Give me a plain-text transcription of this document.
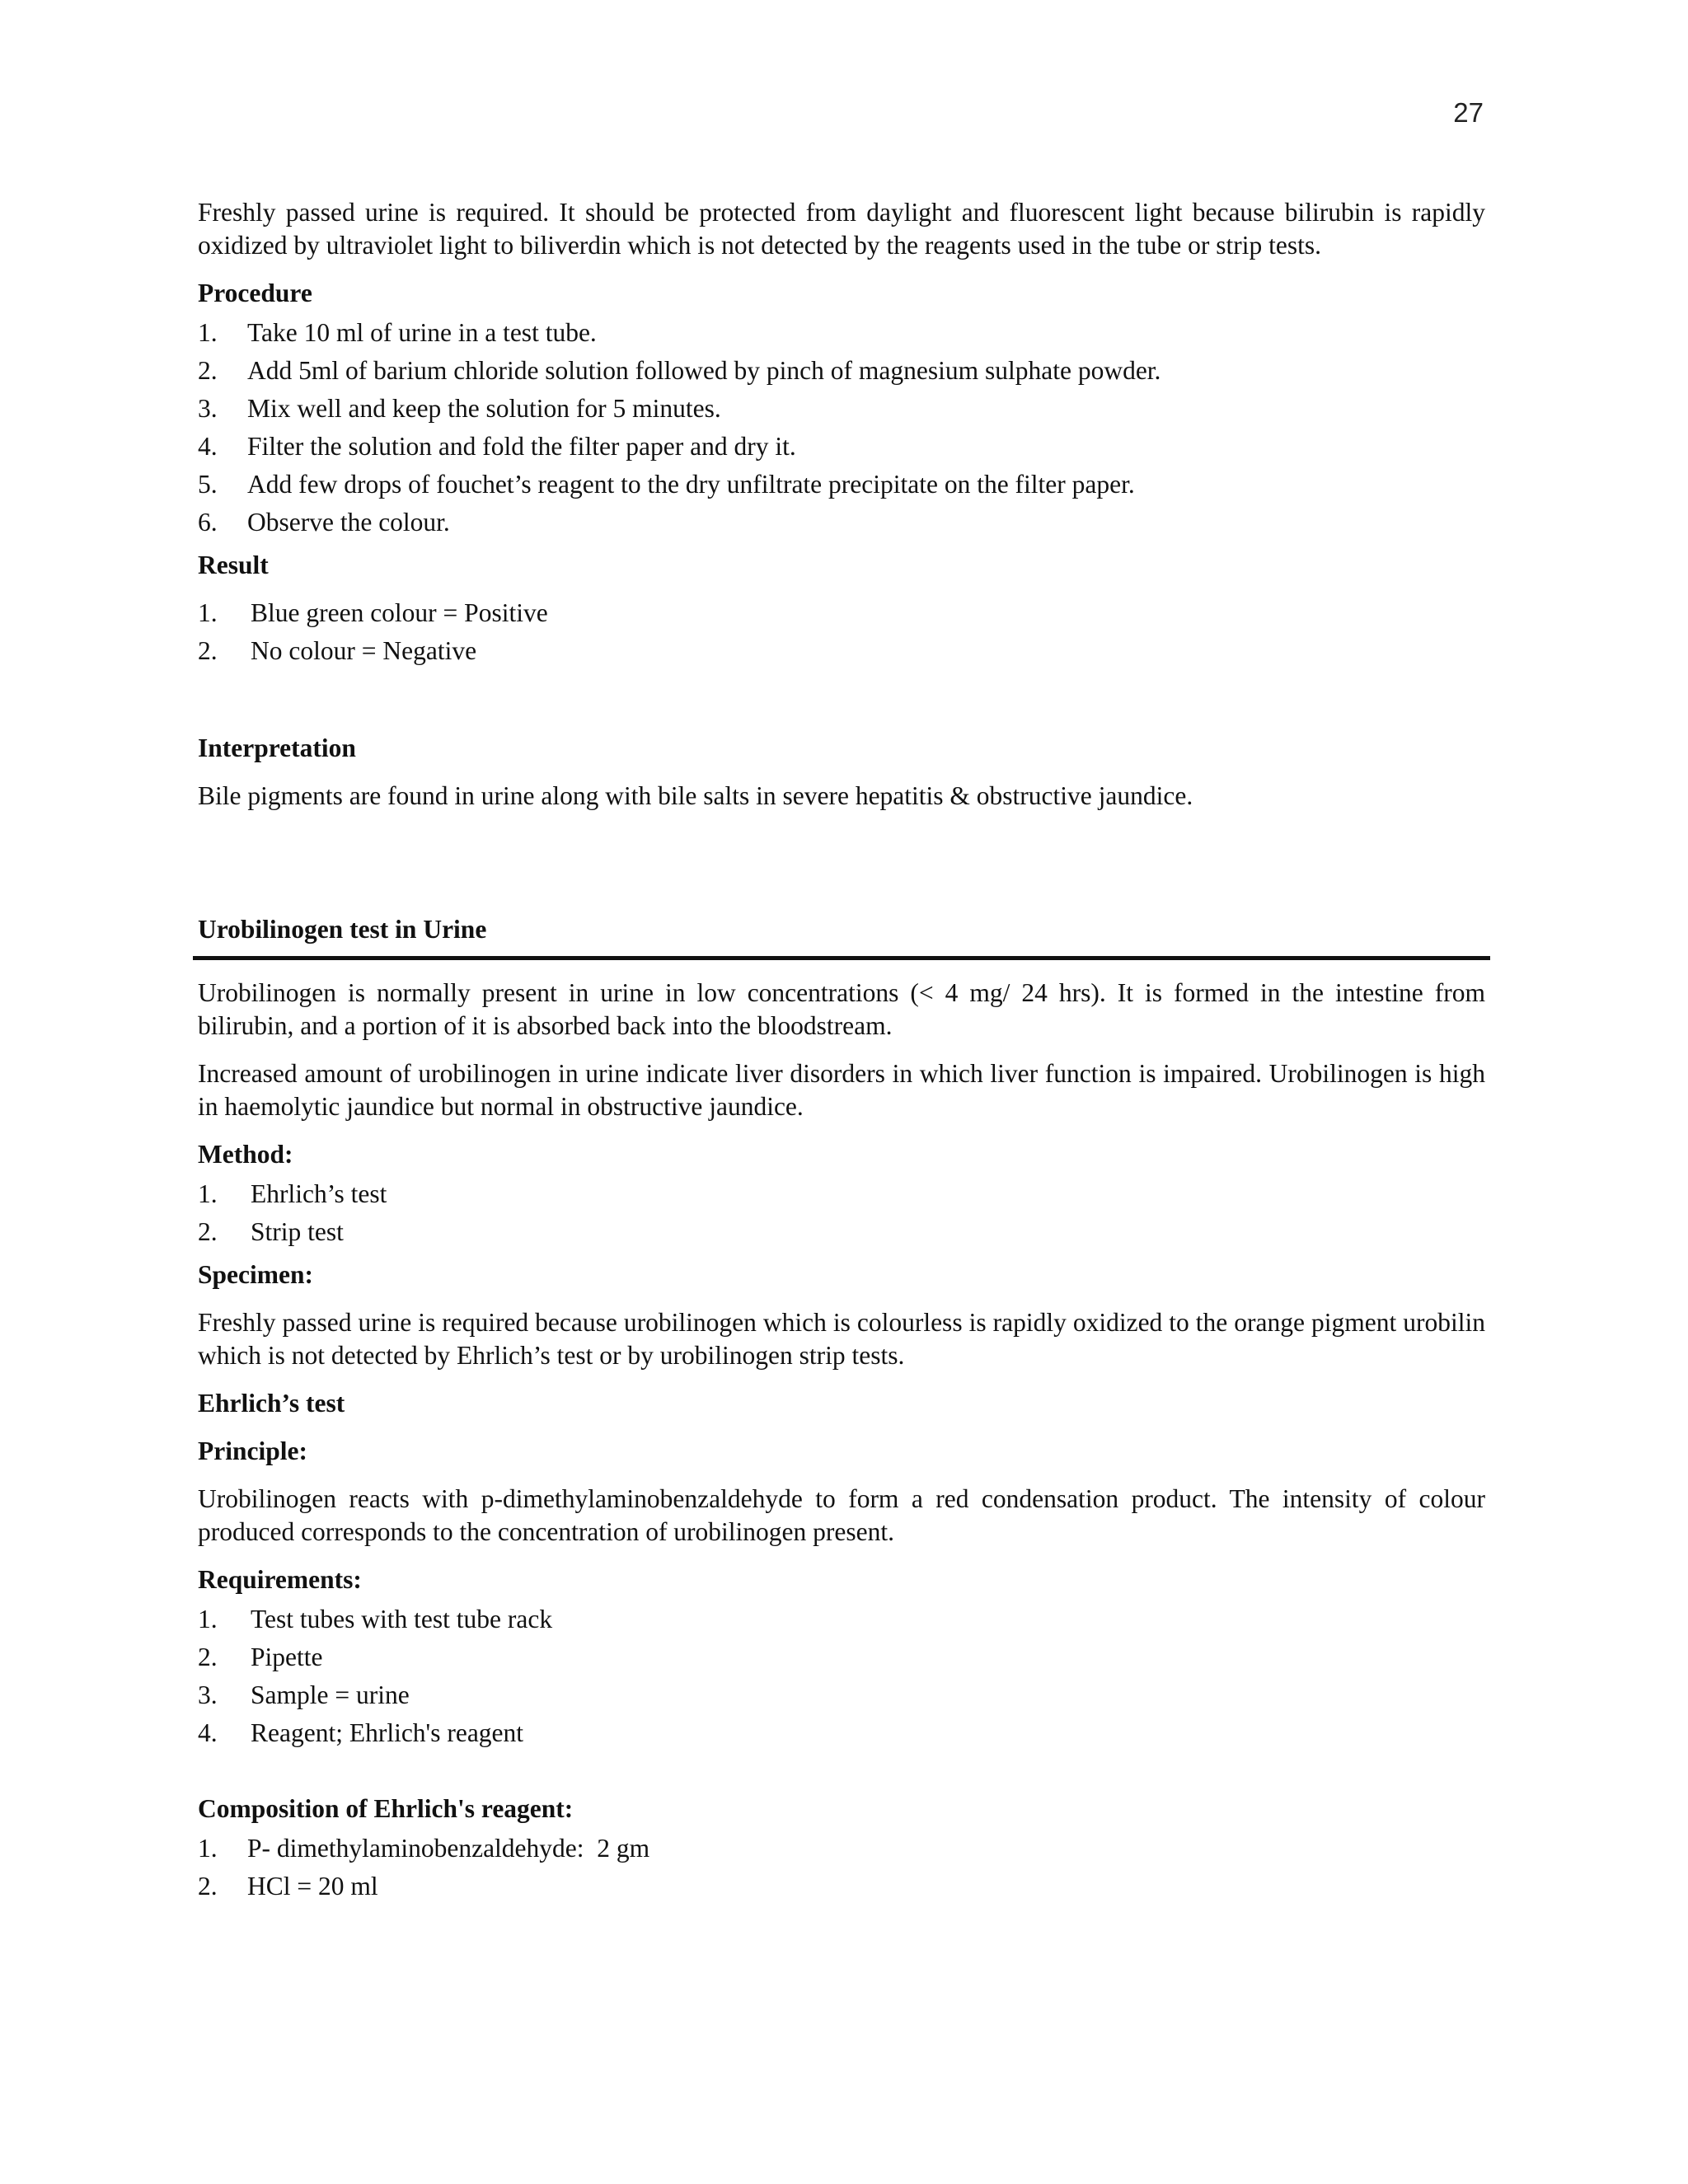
27

Freshly passed urine is required. It should be protected from daylight and fluorescent light because bilirubin is rapidly oxidized by ultraviolet light to biliverdin which is not detected by the reagents used in the tube or strip tests.

Procedure
1.	Take 10 ml of urine in a test tube.
2.	Add 5ml of barium chloride solution followed by pinch of magnesium sulphate powder.
3.	Mix well and keep the solution for 5 minutes.
4.	Filter the solution and fold the filter paper and dry it.
5.	Add few drops of fouchet’s reagent to the dry unfiltrate precipitate on the filter paper.
6.	Observe the colour.
Result
1.	Blue green colour = Positive
2.	No colour = Negative
Interpretation

Bile pigments are found in urine along with bile salts in severe hepatitis & obstructive jaundice.

Urobilinogen test in Urine

Urobilinogen is normally present in urine in low concentrations (< 4 mg/ 24 hrs). It is formed in the intestine from bilirubin, and a portion of it is absorbed back into the bloodstream.

Increased amount of urobilinogen in urine indicate liver disorders in which liver function is impaired. Urobilinogen is high in haemolytic jaundice but normal in obstructive jaundice.

Method:
1.	Ehrlich’s test
2.	Strip test
Specimen:

Freshly passed urine is required because urobilinogen which is colourless is rapidly oxidized to the orange pigment urobilin which is not detected by Ehrlich’s test or by urobilinogen strip tests.

Ehrlich’s test
Principle:

Urobilinogen reacts with p-dimethylaminobenzaldehyde to form a red condensation product. The intensity of colour produced corresponds to the concentration of urobilinogen present.

Requirements:
1.	Test tubes with test tube rack
2.	Pipette
3.	Sample = urine
4.	Reagent; Ehrlich's reagent
Composition of Ehrlich's reagent:
1.	P- dimethylaminobenzaldehyde:  2 gm
2.	HCl = 20 ml
